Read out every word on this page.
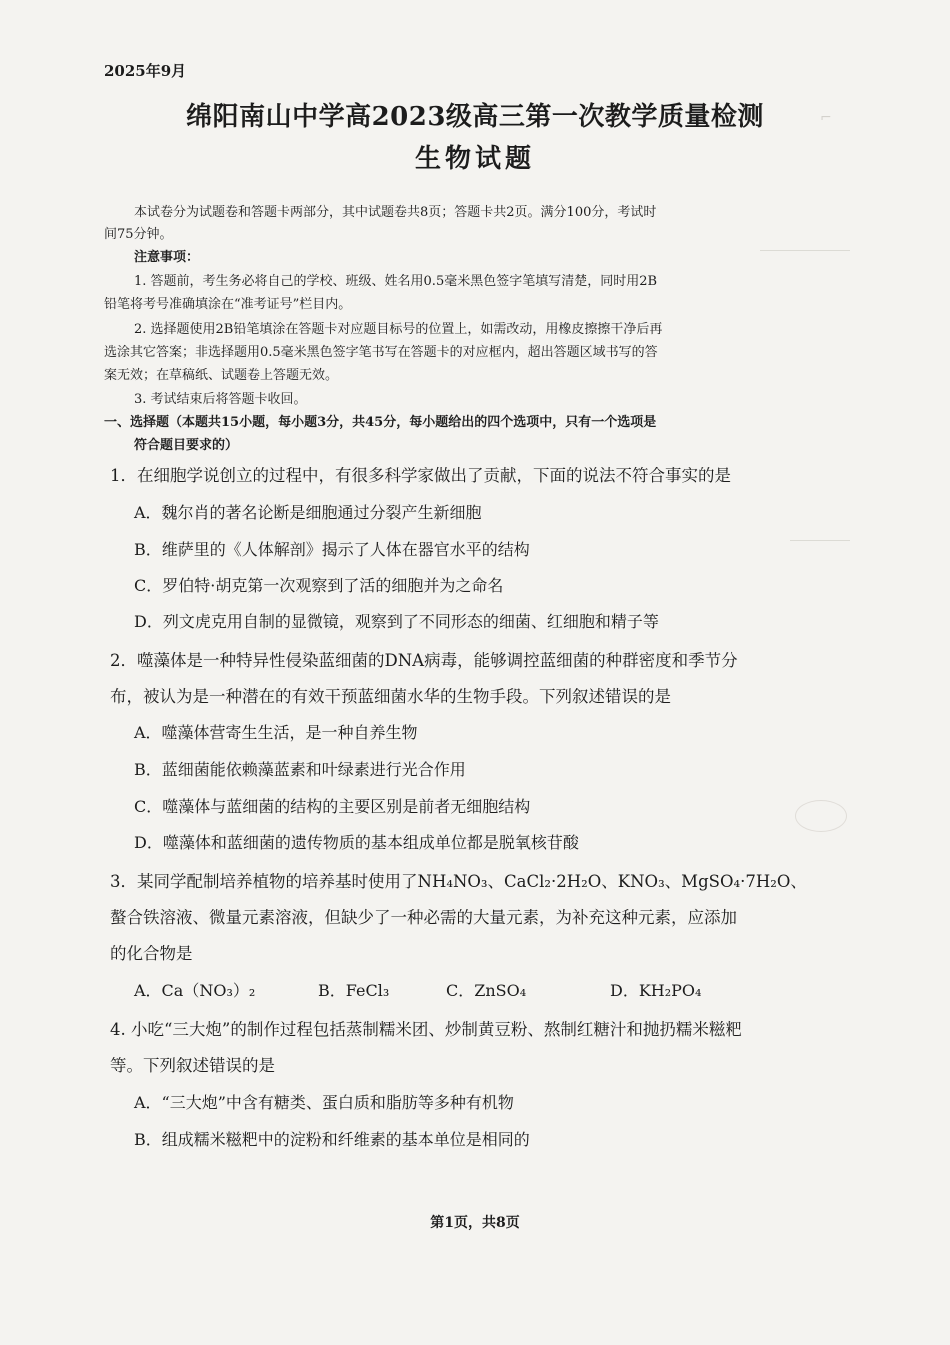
⌐
2025年9月
绵阳南山中学高2023级高三第一次教学质量检测
生物试题
本试卷分为试题卷和答题卡两部分，其中试题卷共8页；答题卡共2页。满分100分，考试时
间75分钟。
注意事项：
1. 答题前，考生务必将自己的学校、班级、姓名用0.5毫米黑色签字笔填写清楚，同时用2B
铅笔将考号准确填涂在“准考证号”栏目内。
2. 选择题使用2B铅笔填涂在答题卡对应题目标号的位置上，如需改动，用橡皮擦擦干净后再
选涂其它答案；非选择题用0.5毫米黑色签字笔书写在答题卡的对应框内，超出答题区域书写的答
案无效；在草稿纸、试题卷上答题无效。
3. 考试结束后将答题卡收回。
一、选择题（本题共15小题，每小题3分，共45分，每小题给出的四个选项中，只有一个选项是
符合题目要求的）
1．在细胞学说创立的过程中，有很多科学家做出了贡献，下面的说法不符合事实的是
A．魏尔肖的著名论断是细胞通过分裂产生新细胞
B．维萨里的《人体解剖》揭示了人体在器官水平的结构
C．罗伯特·胡克第一次观察到了活的细胞并为之命名
D．列文虎克用自制的显微镜，观察到了不同形态的细菌、红细胞和精子等
2．噬藻体是一种特异性侵染蓝细菌的DNA病毒，能够调控蓝细菌的种群密度和季节分
布，被认为是一种潜在的有效干预蓝细菌水华的生物手段。下列叙述错误的是
A．噬藻体营寄生生活，是一种自养生物
B．蓝细菌能依赖藻蓝素和叶绿素进行光合作用
C．噬藻体与蓝细菌的结构的主要区别是前者无细胞结构
D．噬藻体和蓝细菌的遗传物质的基本组成单位都是脱氧核苷酸
3．某同学配制培养植物的培养基时使用了NH₄NO₃、CaCl₂·2H₂O、KNO₃、MgSO₄·7H₂O、
螯合铁溶液、微量元素溶液，但缺少了一种必需的大量元素，为补充这种元素，应添加
的化合物是
A．Ca（NO₃）₂	B．FeCl₃	C．ZnSO₄	D．KH₂PO₄
4. 小吃“三大炮”的制作过程包括蒸制糯米团、炒制黄豆粉、熬制红糖汁和抛扔糯米糍粑
等。下列叙述错误的是
A．“三大炮”中含有糖类、蛋白质和脂肪等多种有机物
B．组成糯米糍粑中的淀粉和纤维素的基本单位是相同的
第1页，共8页
